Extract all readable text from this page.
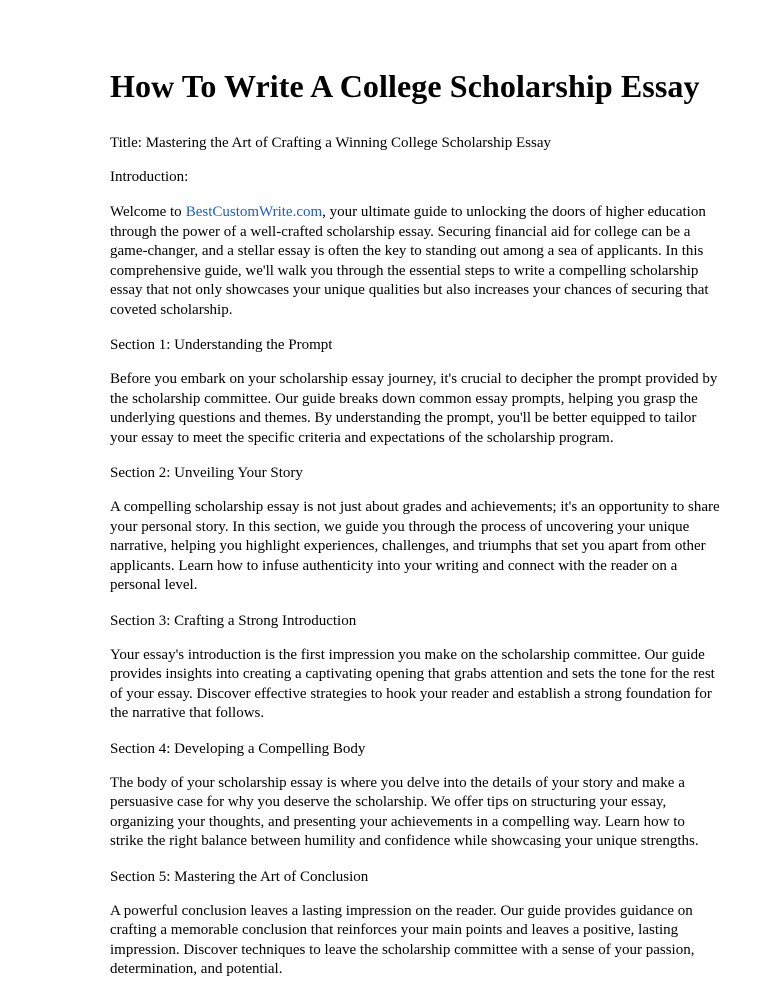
How To Write A College Scholarship Essay

Title: Mastering the Art of Crafting a Winning College Scholarship Essay

Introduction:

Welcome to BestCustomWrite.com, your ultimate guide to unlocking the doors of higher education through the power of a well-crafted scholarship essay. Securing financial aid for college can be a game-changer, and a stellar essay is often the key to standing out among a sea of applicants. In this comprehensive guide, we'll walk you through the essential steps to write a compelling scholarship essay that not only showcases your unique qualities but also increases your chances of securing that coveted scholarship.

Section 1: Understanding the Prompt

Before you embark on your scholarship essay journey, it's crucial to decipher the prompt provided by the scholarship committee. Our guide breaks down common essay prompts, helping you grasp the underlying questions and themes. By understanding the prompt, you'll be better equipped to tailor your essay to meet the specific criteria and expectations of the scholarship program.

Section 2: Unveiling Your Story

A compelling scholarship essay is not just about grades and achievements; it's an opportunity to share your personal story. In this section, we guide you through the process of uncovering your unique narrative, helping you highlight experiences, challenges, and triumphs that set you apart from other applicants. Learn how to infuse authenticity into your writing and connect with the reader on a personal level.

Section 3: Crafting a Strong Introduction

Your essay's introduction is the first impression you make on the scholarship committee. Our guide provides insights into creating a captivating opening that grabs attention and sets the tone for the rest of your essay. Discover effective strategies to hook your reader and establish a strong foundation for the narrative that follows.

Section 4: Developing a Compelling Body

The body of your scholarship essay is where you delve into the details of your story and make a persuasive case for why you deserve the scholarship. We offer tips on structuring your essay, organizing your thoughts, and presenting your achievements in a compelling way. Learn how to strike the right balance between humility and confidence while showcasing your unique strengths.

Section 5: Mastering the Art of Conclusion

A powerful conclusion leaves a lasting impression on the reader. Our guide provides guidance on crafting a memorable conclusion that reinforces your main points and leaves a positive, lasting impression. Discover techniques to leave the scholarship committee with a sense of your passion, determination, and potential.
